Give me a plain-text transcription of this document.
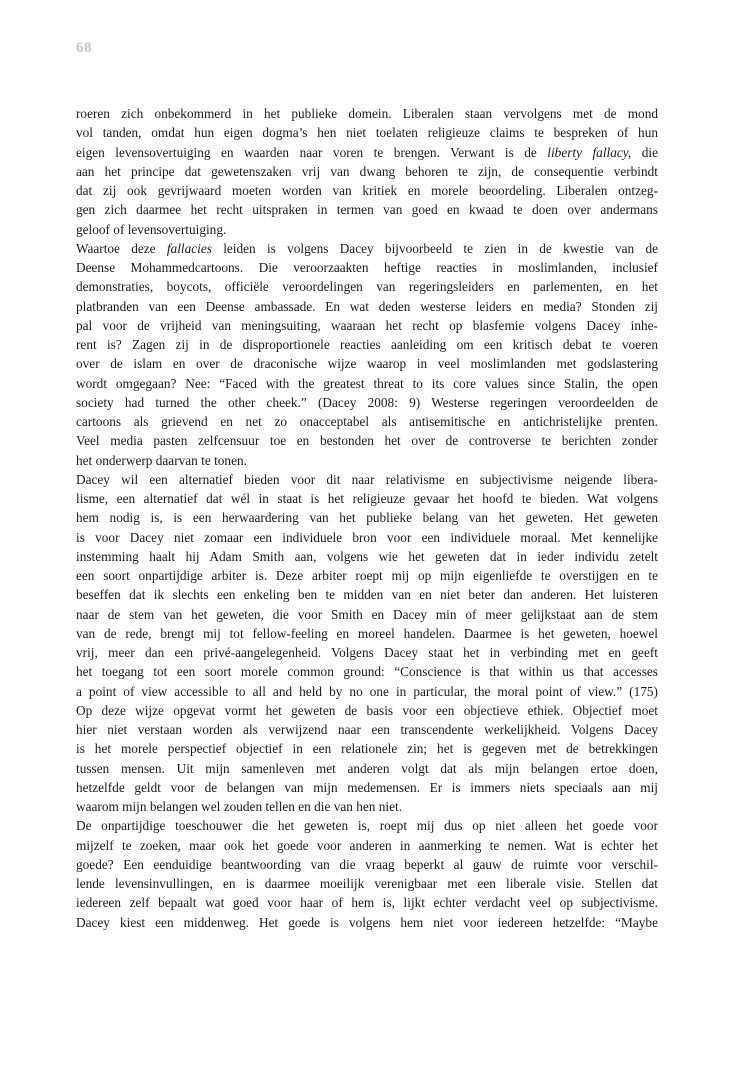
68
roeren zich onbekommerd in het publieke domein. Liberalen staan vervolgens met de mond
vol tanden, omdat hun eigen dogma’s hen niet toelaten religieuze claims te bespreken of hun
eigen levensovertuiging en waarden naar voren te brengen. Verwant is de liberty fallacy, die
aan het principe dat gewetenszaken vrij van dwang behoren te zijn, de consequentie verbindt
dat zij ook gevrijwaard moeten worden van kritiek en morele beoordeling. Liberalen ontzeg-
gen zich daarmee het recht uitspraken in termen van goed en kwaad te doen over andermans
geloof of levensovertuiging.
Waartoe deze fallacies leiden is volgens Dacey bijvoorbeeld te zien in de kwestie van de
Deense Mohammedcartoons. Die veroorzaakten heftige reacties in moslimlanden, inclusief
demonstraties, boycots, officiële veroordelingen van regeringsleiders en parlementen, en het
platbranden van een Deense ambassade. En wat deden westerse leiders en media? Stonden zij
pal voor de vrijheid van meningsuiting, waaraan het recht op blasfemie volgens Dacey inhe-
rent is? Zagen zij in de disproportionele reacties aanleiding om een kritisch debat te voeren
over de islam en over de draconische wijze waarop in veel moslimlanden met godslastering
wordt omgegaan? Nee: “Faced with the greatest threat to its core values since Stalin, the open
society had turned the other cheek.” (Dacey 2008: 9) Westerse regeringen veroordeelden de
cartoons als grievend en net zo onacceptabel als antisemitische en antichristelijke prenten.
Veel media pasten zelfcensuur toe en bestonden het over de controverse te berichten zonder
het onderwerp daarvan te tonen.
Dacey wil een alternatief bieden voor dit naar relativisme en subjectivisme neigende libera-
lisme, een alternatief dat wél in staat is het religieuze gevaar het hoofd te bieden. Wat volgens
hem nodig is, is een herwaardering van het publieke belang van het geweten. Het geweten
is voor Dacey niet zomaar een individuele bron voor een individuele moraal. Met kennelijke
instemming haalt hij Adam Smith aan, volgens wie het geweten dat in ieder individu zetelt
een soort onpartijdige arbiter is. Deze arbiter roept mij op mijn eigenliefde te overstijgen en te
beseffen dat ik slechts een enkeling ben te midden van en niet beter dan anderen. Het luisteren
naar de stem van het geweten, die voor Smith en Dacey min of meer gelijkstaat aan de stem
van de rede, brengt mij tot fellow-feeling en moreel handelen. Daarmee is het geweten, hoewel
vrij, meer dan een privé-aangelegenheid. Volgens Dacey staat het in verbinding met en geeft
het toegang tot een soort morele common ground: “Conscience is that within us that accesses
a point of view accessible to all and held by no one in particular, the moral point of view.” (175)
Op deze wijze opgevat vormt het geweten de basis voor een objectieve ethiek. Objectief moet
hier niet verstaan worden als verwijzend naar een transcendente werkelijkheid. Volgens Dacey
is het morele perspectief objectief in een relationele zin; het is gegeven met de betrekkingen
tussen mensen. Uit mijn samenleven met anderen volgt dat als mijn belangen ertoe doen,
hetzelfde geldt voor de belangen van mijn medemensen. Er is immers niets speciaals aan mij
waarom mijn belangen wel zouden tellen en die van hen niet.
De onpartijdige toeschouwer die het geweten is, roept mij dus op niet alleen het goede voor
mijzelf te zoeken, maar ook het goede voor anderen in aanmerking te nemen. Wat is echter het
goede? Een eenduidige beantwoording van die vraag beperkt al gauw de ruimte voor verschil-
lende levensinvullingen, en is daarmee moeilijk verenigbaar met een liberale visie. Stellen dat
iedereen zelf bepaalt wat goed voor haar of hem is, lijkt echter verdacht veel op subjectivisme.
Dacey kiest een middenweg. Het goede is volgens hem niet voor iedereen hetzelfde: “Maybe
